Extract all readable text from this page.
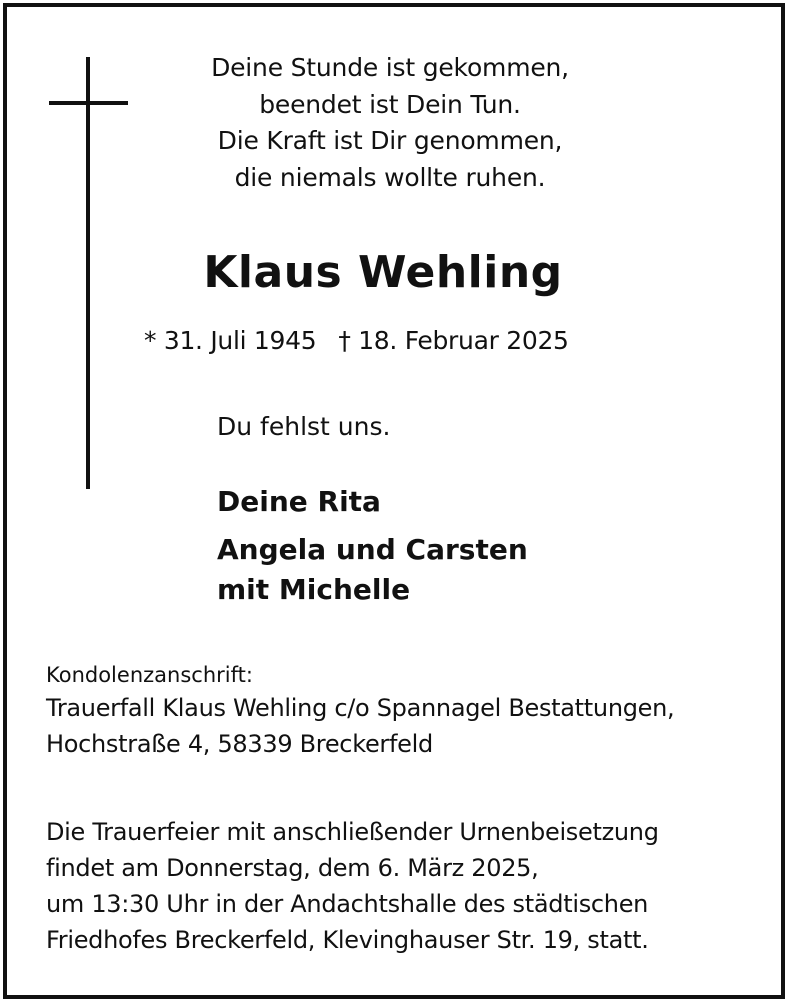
Deine Stunde ist gekommen,
beendet ist Dein Tun.
Die Kraft ist Dir genommen,
die niemals wollte ruhen.
Klaus Wehling
* 31. Juli 1945 † 18. Februar 2025
Du fehlst uns.
Deine Rita
Angela und Carsten
mit Michelle
Kondolenzanschrift:
Trauerfall Klaus Wehling c/o Spannagel Bestattungen,
Hochstraße 4, 58339 Breckerfeld
Die Trauerfeier mit anschließender Urnenbeisetzung
findet am Donnerstag, dem 6. März 2025,
um 13:30 Uhr in der Andachtshalle des städtischen
Friedhofes Breckerfeld, Klevinghauser Str. 19, statt.
